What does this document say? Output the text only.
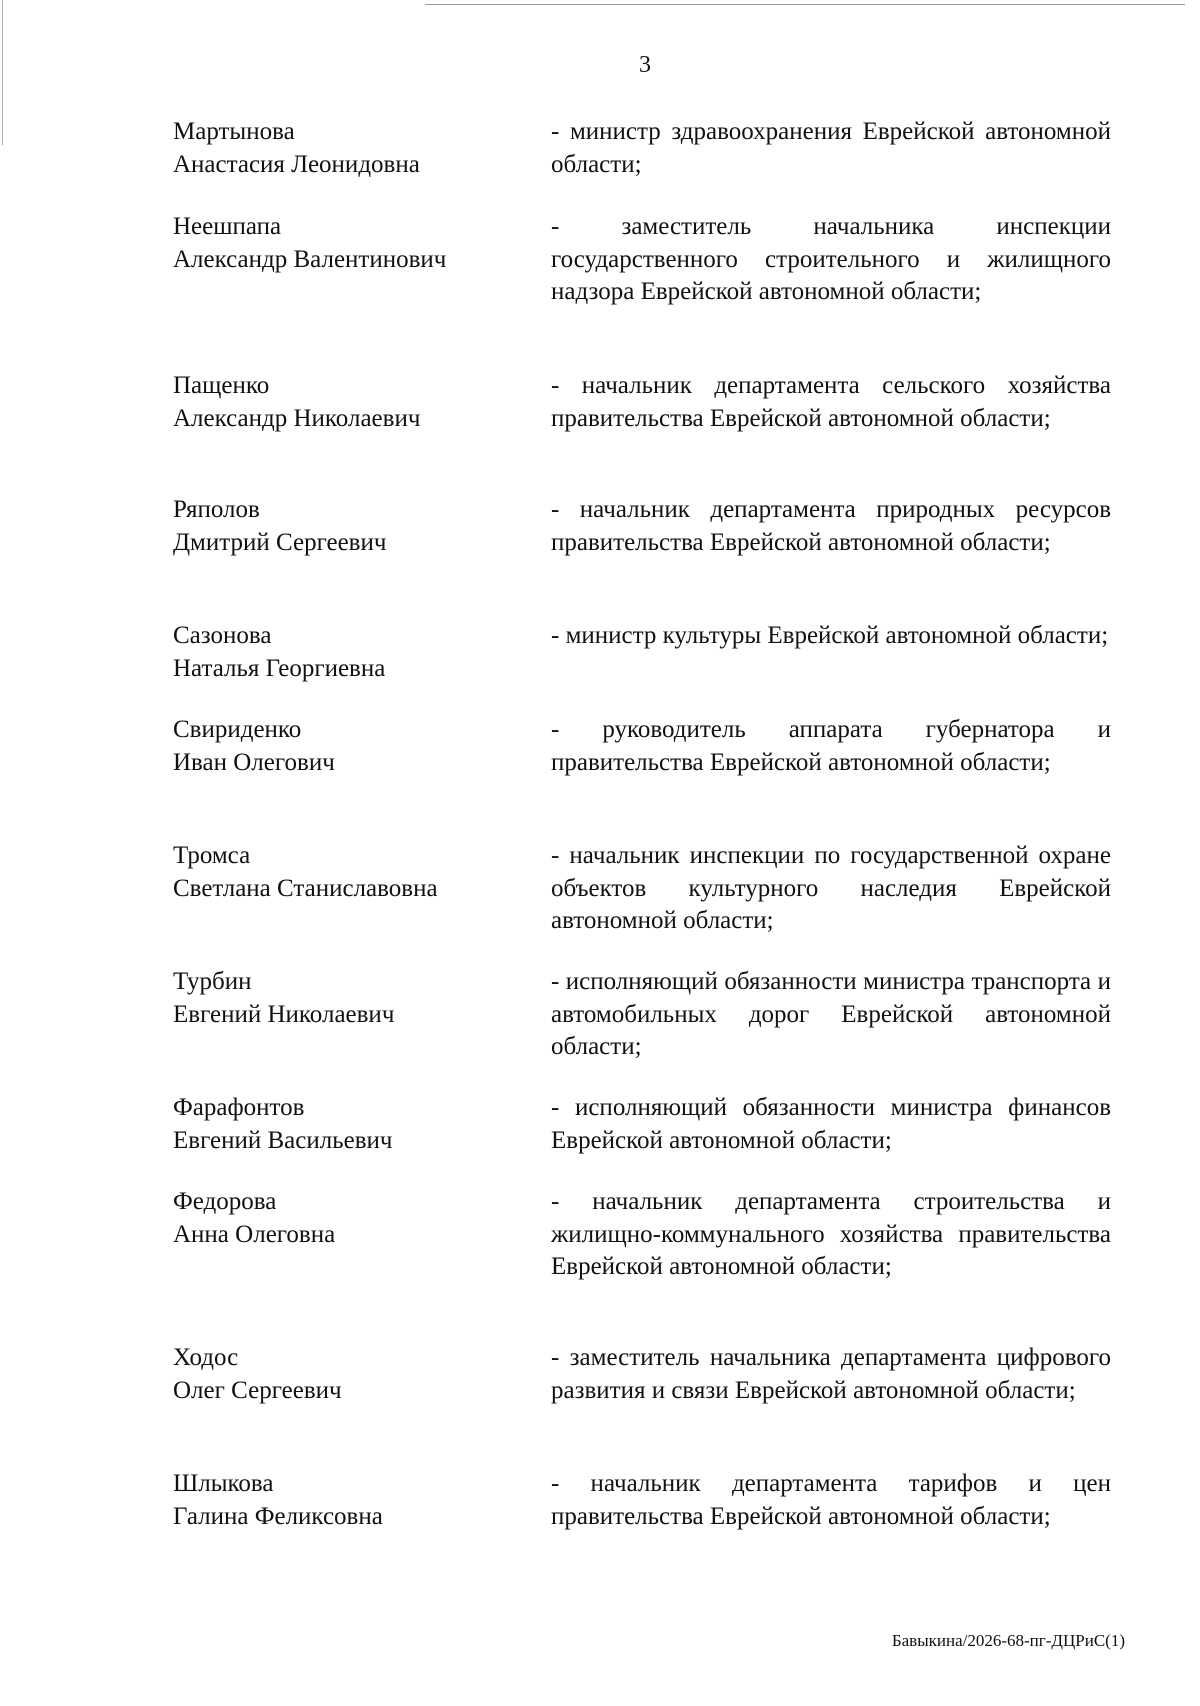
3
Мартынова
Анастасия Леонидовна
- министр здравоохранения Еврейской автономной области;
Неешпапа
Александр Валентинович
- заместитель начальника инспекции государственного строительного и жилищного надзора Еврейской автономной области;
Пащенко
Александр Николаевич
- начальник департамента сельского хозяйства правительства Еврейской автономной области;
Ряполов
Дмитрий Сергеевич
- начальник департамента природных ресурсов правительства Еврейской автономной области;
Сазонова
Наталья Георгиевна
- министр культуры Еврейской автономной области;
Свириденко
Иван Олегович
- руководитель аппарата губернатора и правительства Еврейской автономной области;
Тромса
Светлана Станиславовна
- начальник инспекции по государственной охране объектов культурного наследия Еврейской автономной области;
Турбин
Евгений Николаевич
- исполняющий обязанности министра транспорта и автомобильных дорог Еврейской автономной области;
Фарафонтов
Евгений Васильевич
- исполняющий обязанности министра финансов Еврейской автономной области;
Федорова
Анна Олеговна
- начальник департамента строительства и жилищно-коммунального хозяйства правительства Еврейской автономной области;
Ходос
Олег Сергеевич
- заместитель начальника департамента цифрового развития и связи Еврейской автономной области;
Шлыкова
Галина Феликсовна
- начальник департамента тарифов и цен правительства Еврейской автономной области;
Бавыкина/2026-68-пг-ДЦРиС(1)
